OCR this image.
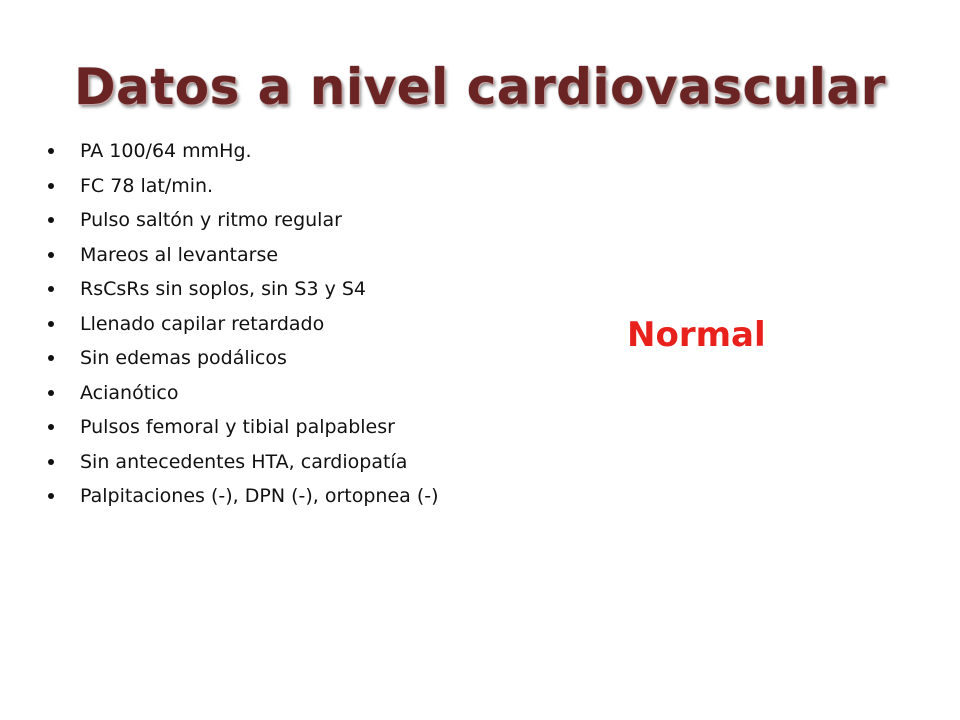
Datos a nivel cardiovascular
PA 100/64 mmHg.
FC 78 lat/min.
Pulso saltón y ritmo regular
Mareos al levantarse
RsCsRs sin soplos, sin S3 y S4
Llenado capilar retardado
Sin edemas podálicos
Acianótico
Pulsos femoral y tibial palpablesr
Sin antecedentes HTA, cardiopatía
Palpitaciones (-), DPN (-), ortopnea (-)
Normal
